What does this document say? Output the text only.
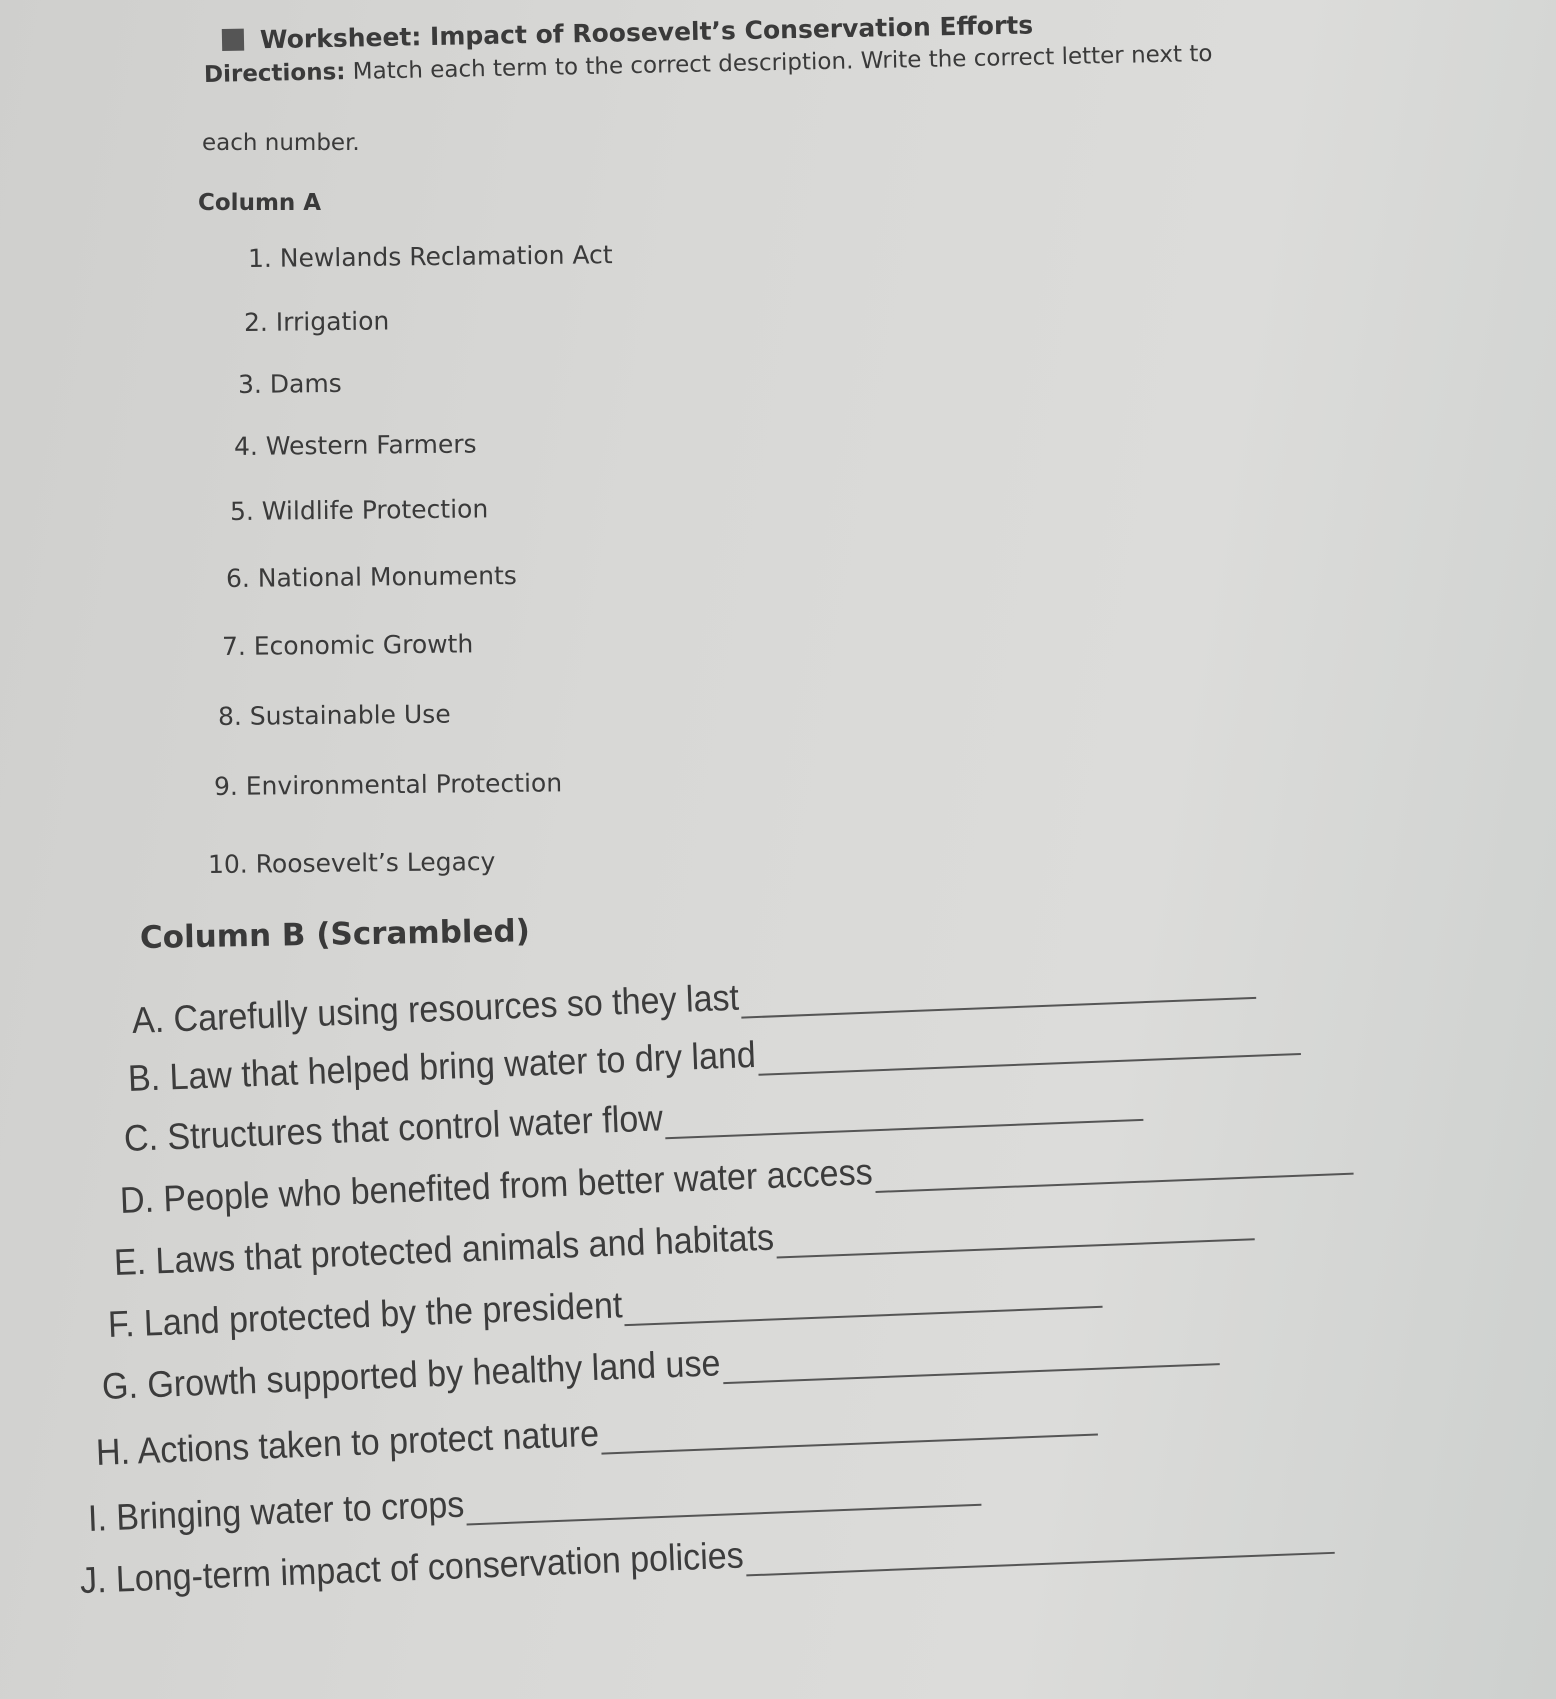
Worksheet: Impact of Roosevelt’s Conservation Efforts
Directions: Match each term to the correct description. Write the correct letter next to
each number.
Column A
1. Newlands Reclamation Act
2. Irrigation
3. Dams
4. Western Farmers
5. Wildlife Protection
6. National Monuments
7. Economic Growth
8. Sustainable Use
9. Environmental Protection
10. Roosevelt’s Legacy
Column B (Scrambled)
A. Carefully using resources so they last
B. Law that helped bring water to dry land
C. Structures that control water flow
D. People who benefited from better water access
E. Laws that protected animals and habitats
F. Land protected by the president
G. Growth supported by healthy land use
H. Actions taken to protect nature
I. Bringing water to crops
J. Long-term impact of conservation policies
